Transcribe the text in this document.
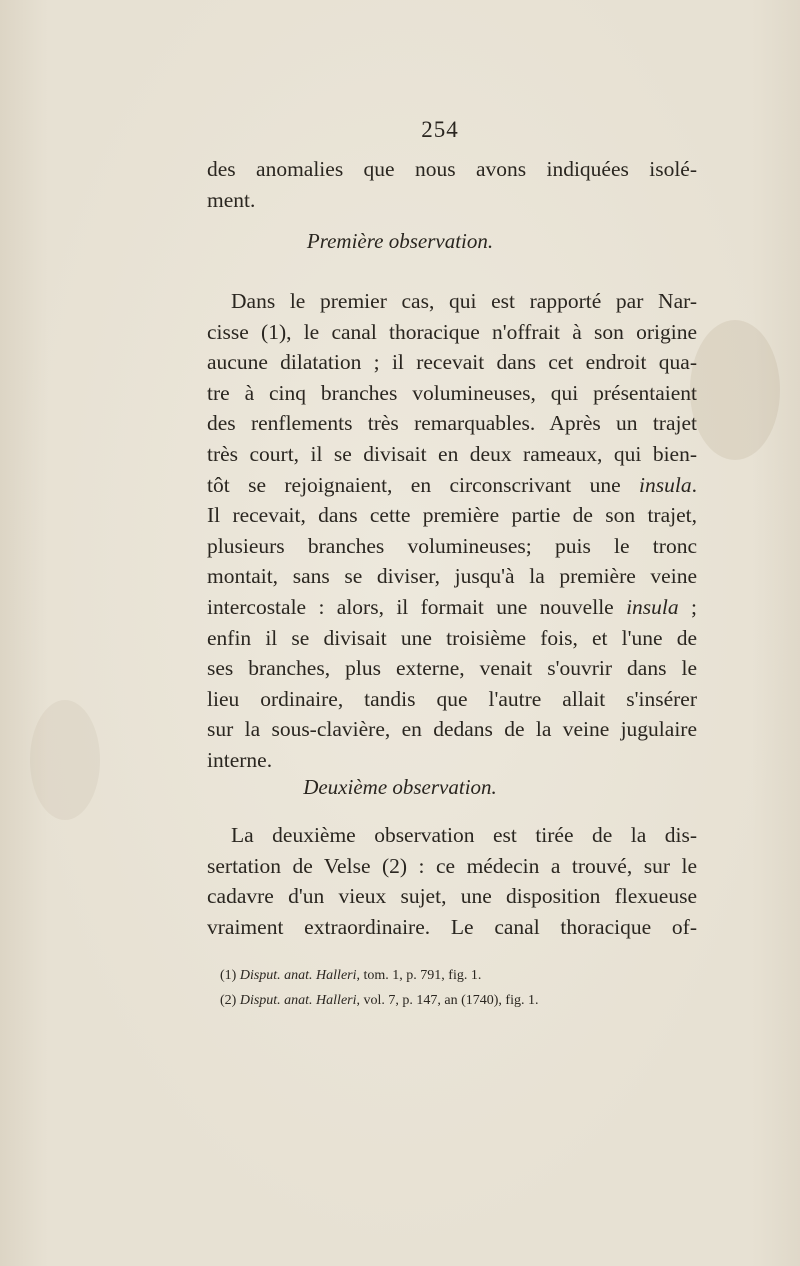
254
des anomalies que nous avons indiquées isolé-
ment.
Première observation.
Dans le premier cas, qui est rapporté par Nar-
cisse (1), le canal thoracique n'offrait à son origine
aucune dilatation ; il recevait dans cet endroit qua-
tre à cinq branches volumineuses, qui présentaient
des renflements très remarquables. Après un trajet
très court, il se divisait en deux rameaux, qui bien-
tôt se rejoignaient, en circonscrivant une insula.
Il recevait, dans cette première partie de son trajet,
plusieurs branches volumineuses; puis le tronc
montait, sans se diviser, jusqu'à la première veine
intercostale : alors, il formait une nouvelle insula ;
enfin il se divisait une troisième fois, et l'une de
ses branches, plus externe, venait s'ouvrir dans le
lieu ordinaire, tandis que l'autre allait s'insérer
sur la sous-clavière, en dedans de la veine jugulaire
interne.
Deuxième observation.
La deuxième observation est tirée de la dis-
sertation de Velse (2) : ce médecin a trouvé, sur le
cadavre d'un vieux sujet, une disposition flexueuse
vraiment extraordinaire. Le canal thoracique of-
(1) Disput. anat. Halleri, tom. 1, p. 791, fig. 1.
(2) Disput. anat. Halleri, vol. 7, p. 147, an (1740), fig. 1.
